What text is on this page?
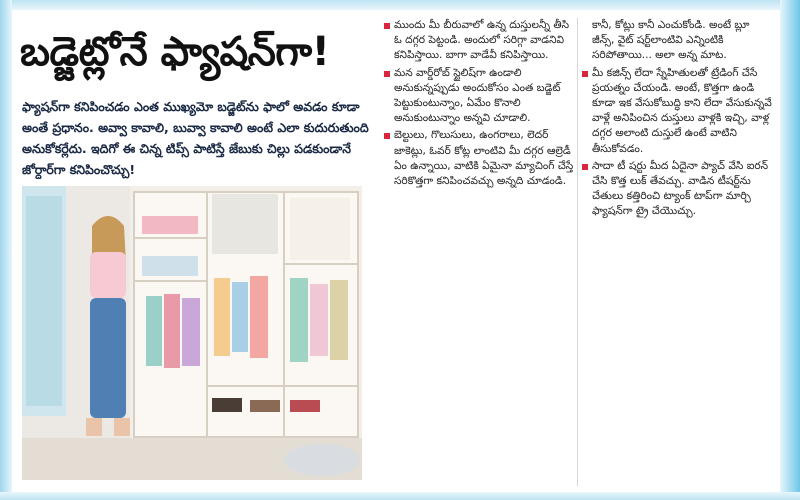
బడ్జెట్లోనే ఫ్యాషన్‌గా!
ఫ్యాషన్‌గా కనిపించడం ఎంత ముఖ్యమో బడ్జెట్‌ను ఫాలో అవడం కూడా అంతే ప్రధానం. అవ్వా కావాలి, బువ్వా కావాలి అంటే ఎలా కుదురుతుంది అనుకోకర్లేదు. ఇదిగో ఈ చిన్న టిప్స్ పాటిస్తే జేబుకు చిల్లు పడకుండానే జోర్దార్‌గా కనిపించొచ్చు!

ముందు మీ బీరువాలో ఉన్న దుస్తులన్నీ తీసి ఓ దగ్గర పెట్టండి. అందులో సరిగ్గా వాడనివి కనిపిస్తాయి. బాగా వాడేవీ కనిపిస్తాయి.

మన వార్డ్‌రోబ్ స్టైలిష్‌గా ఉండాలి అనుకున్నప్పుడు అందుకోసం ఎంత బడ్జెట్ పెట్టుకుంటున్నాం, ఏమేం కొనాలి అనుకుంటున్నాం అన్నవి చూడాలి.

బెల్టులు, గొలుసులు, ఉంగరాలు, లెదర్ జాకెట్లు, ఓవర్ కోట్ల లాంటివి మీ దగ్గర ఆల్రెడీ ఏం ఉన్నాయి, వాటికి ఏమైనా మ్యాచింగ్ చేస్తే సరికొత్తగా కనిపించవచ్చు అన్నది చూడండి.

కానీ, కోట్లు కానీ ఎంచుకోండి. అంటే బ్లూ జీన్స్, వైట్ షర్ట్‌లాంటివి ఎన్నింటికి సరిపోతాయి... అలా అన్న మాట.

మీ కజిన్స్ లేదా స్నేహితులతో ట్రేడింగ్ చేసే ప్రయత్నం చేయండి. అంటే, కొత్తగా ఉండి కూడా ఇక వేసుకోబుద్ధి కాని లేదా వేసుకున్నవే వాళ్లే అనిపించిన దుస్తులు వాళ్లకి ఇచ్చి, వాళ్ల దగ్గర అలాంటి దుస్తులే ఉంటే వాటిని తీసుకోవడం.

సాదా టీ షర్టు మీద ఏదైనా ప్యాచ్ వేసి ఐరన్ చేసి కొత్త లుక్ తేవచ్చు. వాడిన టీషర్ట్‌ను చేతులు కత్తిరించి ట్యాంక్ టాప్‌గా మార్చి ఫ్యాషన్‌గా ట్రై చేయొచ్చు.
